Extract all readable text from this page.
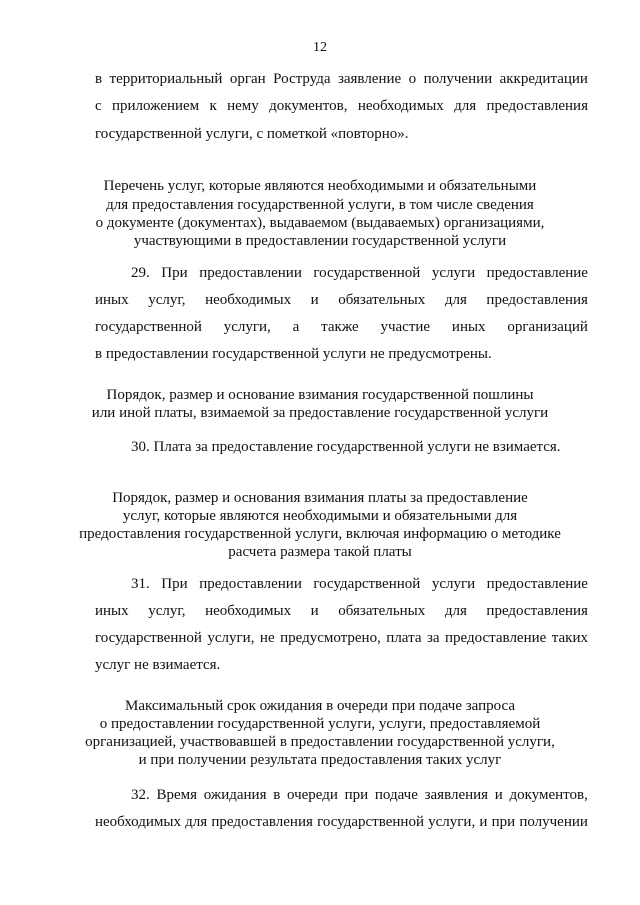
12
в территориальный орган Роструда заявление о получении аккредитации
с приложением к нему документов, необходимых для предоставления
государственной услуги, с пометкой «повторно».
Перечень услуг, которые являются необходимыми и обязательными
для предоставления государственной услуги, в том числе сведения
о документе (документах), выдаваемом (выдаваемых) организациями,
участвующими в предоставлении государственной услуги
29. При предоставлении государственной услуги предоставление
иных услуг, необходимых и обязательных для предоставления
государственной услуги, а также участие иных организаций
в предоставлении государственной услуги не предусмотрены.
Порядок, размер и основание взимания государственной пошлины
или иной платы, взимаемой за предоставление государственной услуги
30. Плата за предоставление государственной услуги не взимается.
Порядок, размер и основания взимания платы за предоставление
услуг, которые являются необходимыми и обязательными для
предоставления государственной услуги, включая информацию о методике
расчета размера такой платы
31. При предоставлении государственной услуги предоставление
иных услуг, необходимых и обязательных для предоставления
государственной услуги, не предусмотрено, плата за предоставление таких
услуг не взимается.
Максимальный срок ожидания в очереди при подаче запроса
о предоставлении государственной услуги, услуги, предоставляемой
организацией, участвовавшей в предоставлении государственной услуги,
и при получении результата предоставления таких услуг
32. Время ожидания в очереди при подаче заявления и документов,
необходимых для предоставления государственной услуги, и при получении
